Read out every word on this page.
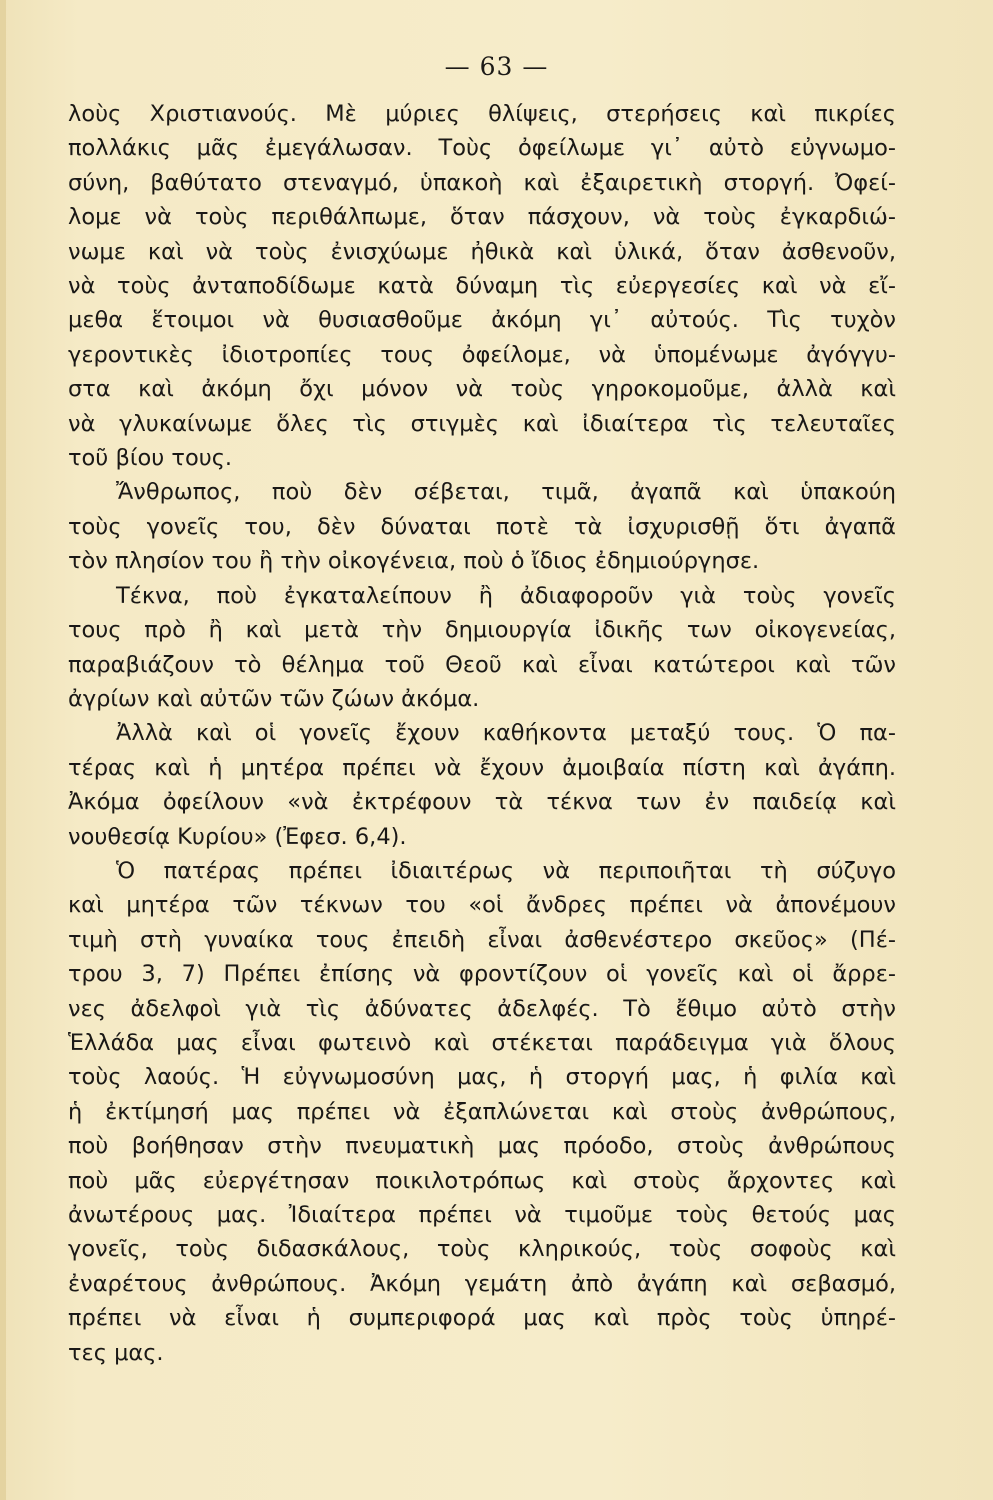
— 63 —
λοὺς Χριστιανούς. Μὲ μύριες θλίψεις, στερήσεις καὶ πικρίες
πολλάκις μᾶς ἐμεγάλωσαν. Τοὺς ὀφείλωμε γι᾽ αὐτὸ εὐγνωμο-
σύνη, βαθύτατο στεναγμό, ὑπακοὴ καὶ ἐξαιρετικὴ στοργή. Ὀφεί-
λομε νὰ τοὺς περιθάλπωμε, ὅταν πάσχουν, νὰ τοὺς ἐγκαρδιώ-
νωμε καὶ νὰ τοὺς ἐνισχύωμε ἠθικὰ καὶ ὑλικά, ὅταν ἀσθενοῦν,
νὰ τοὺς ἀνταποδίδωμε κατὰ δύναμη τὶς εὐεργεσίες καὶ νὰ εἴ-
μεθα ἕτοιμοι νὰ θυσιασθοῦμε ἀκόμη γι᾽ αὐτούς. Τὶς τυχὸν
γεροντικὲς ἰδιοτροπίες τους ὀφείλομε, νὰ ὑπομένωμε ἀγόγγυ-
στα καὶ ἀκόμη ὄχι μόνον νὰ τοὺς γηροκομοῦμε, ἀλλὰ καὶ
νὰ γλυκαίνωμε ὅλες τὶς στιγμὲς καὶ ἰδιαίτερα τὶς τελευταῖες
τοῦ βίου τους.
Ἄνθρωπος, ποὺ δὲν σέβεται, τιμᾶ, ἀγαπᾶ καὶ ὑπακούη
τοὺς γονεῖς του, δὲν δύναται ποτὲ τὰ ἰσχυρισθῇ ὅτι ἀγαπᾶ
τὸν πλησίον του ἢ τὴν οἰκογένεια, ποὺ ὁ ἴδιος ἐδημιούργησε.
Τέκνα, ποὺ ἐγκαταλείπουν ἢ ἀδιαφοροῦν γιὰ τοὺς γονεῖς
τους πρὸ ἢ καὶ μετὰ τὴν δημιουργία ἰδικῆς των οἰκογενείας,
παραβιάζουν τὸ θέλημα τοῦ Θεοῦ καὶ εἶναι κατώτεροι καὶ τῶν
ἀγρίων καὶ αὐτῶν τῶν ζώων ἀκόμα.
Ἀλλὰ καὶ οἱ γονεῖς ἔχουν καθήκοντα μεταξύ τους. Ὁ πα-
τέρας καὶ ἡ μητέρα πρέπει νὰ ἔχουν ἀμοιβαία πίστη καὶ ἀγάπη.
Ἀκόμα ὀφείλουν «νὰ ἐκτρέφουν τὰ τέκνα των ἐν παιδείᾳ καὶ
νουθεσίᾳ Κυρίου» (Ἐφεσ. 6,4).
Ὁ πατέρας πρέπει ἰδιαιτέρως νὰ περιποιῆται τὴ σύζυγο
καὶ μητέρα τῶν τέκνων του «οἱ ἄνδρες πρέπει νὰ ἀπονέμουν
τιμὴ στὴ γυναίκα τους ἐπειδὴ εἶναι ἀσθενέστερο σκεῦος» (Πέ-
τρου 3, 7) Πρέπει ἐπίσης νὰ φροντίζουν οἱ γονεῖς καὶ οἱ ἄρρε-
νες ἀδελφοὶ γιὰ τὶς ἀδύνατες ἀδελφές. Τὸ ἔθιμο αὐτὸ στὴν
Ἑλλάδα μας εἶναι φωτεινὸ καὶ στέκεται παράδειγμα γιὰ ὅλους
τοὺς λαούς. Ἡ εὐγνωμοσύνη μας, ἡ στοργή μας, ἡ φιλία καὶ
ἡ ἐκτίμησή μας πρέπει νὰ ἐξαπλώνεται καὶ στοὺς ἀνθρώπους,
ποὺ βοήθησαν στὴν πνευματικὴ μας πρόοδο, στοὺς ἀνθρώπους
ποὺ μᾶς εὐεργέτησαν ποικιλοτρόπως καὶ στοὺς ἄρχοντες καὶ
ἀνωτέρους μας. Ἰδιαίτερα πρέπει νὰ τιμοῦμε τοὺς θετούς μας
γονεῖς, τοὺς διδασκάλους, τοὺς κληρικούς, τοὺς σοφοὺς καὶ
ἐναρέτους ἀνθρώπους. Ἀκόμη γεμάτη ἀπὸ ἀγάπη καὶ σεβασμό,
πρέπει νὰ εἶναι ἡ συμπεριφορά μας καὶ πρὸς τοὺς ὑπηρέ-
τες μας.
